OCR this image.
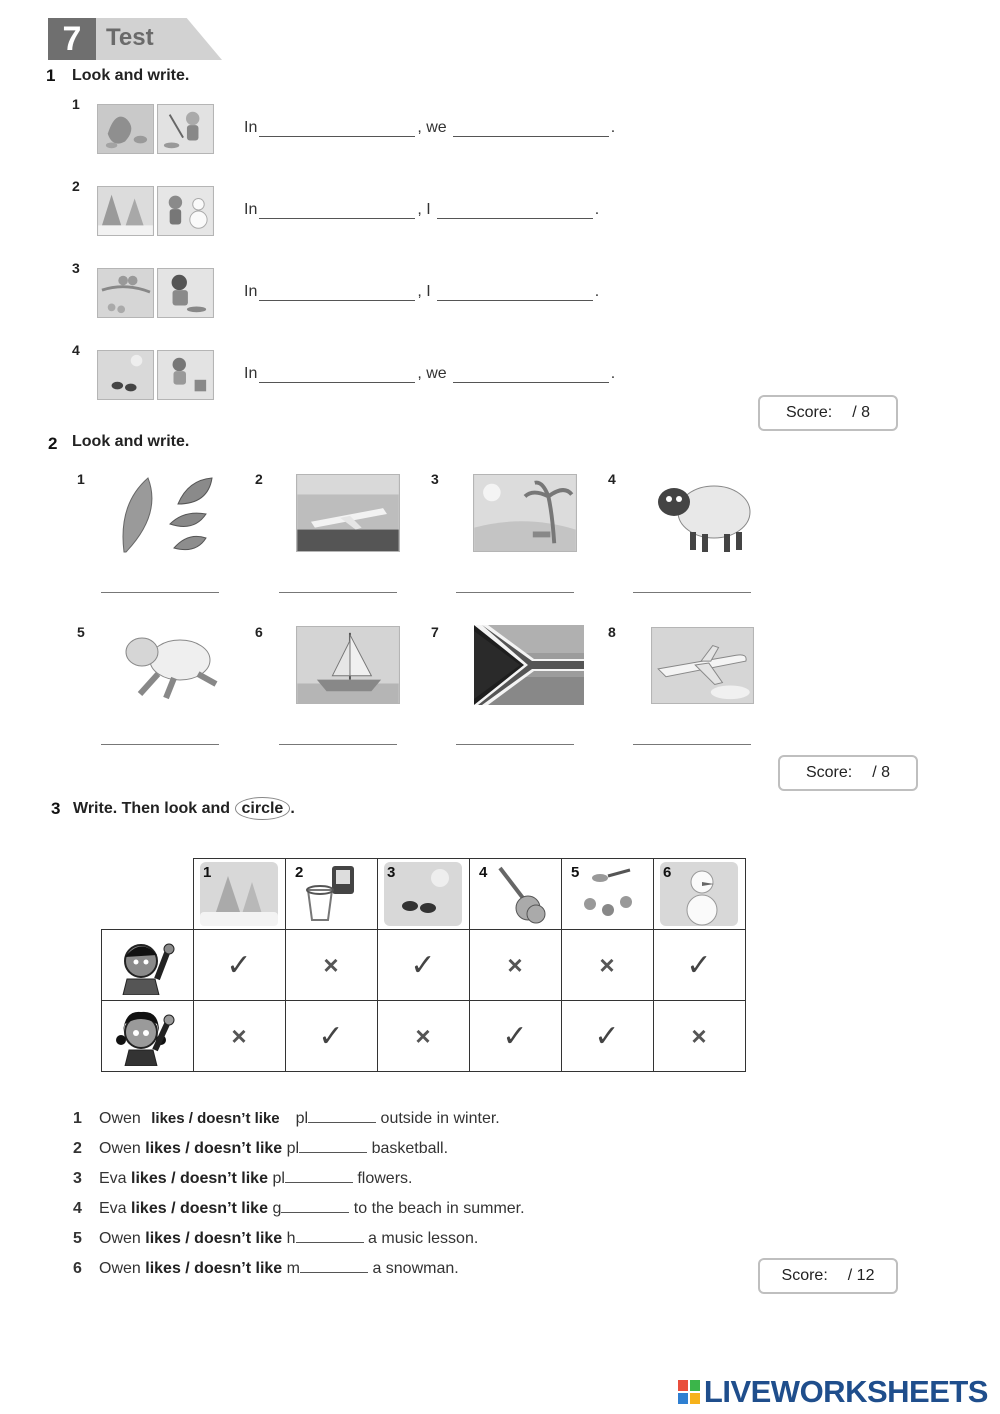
7	Test
1 Look and write.
1
In	, we	.
2
In	, I	.
3
In	, I	.
4
In	, we	.
Score: / 8
2 Look and write.
1	2	3	4
5	6	7	8
Score: / 8
3 Write. Then look and circle .

	1	2	3	4	5	6

	✓	×	✓	×	×	✓
	×	✓	×	✓	✓	×
1 Owen likes / doesn’t like pl	outside in winter.
2 Owen likes / doesn’t like pl	basketball.
3 Eva likes / doesn’t like pl	flowers.
4 Eva likes / doesn’t like g	to the beach in summer.
5 Owen likes / doesn’t like h	a music lesson.
6 Owen likes / doesn’t like m	a snowman.	Score: / 12
LIVEWORKSHEETS
